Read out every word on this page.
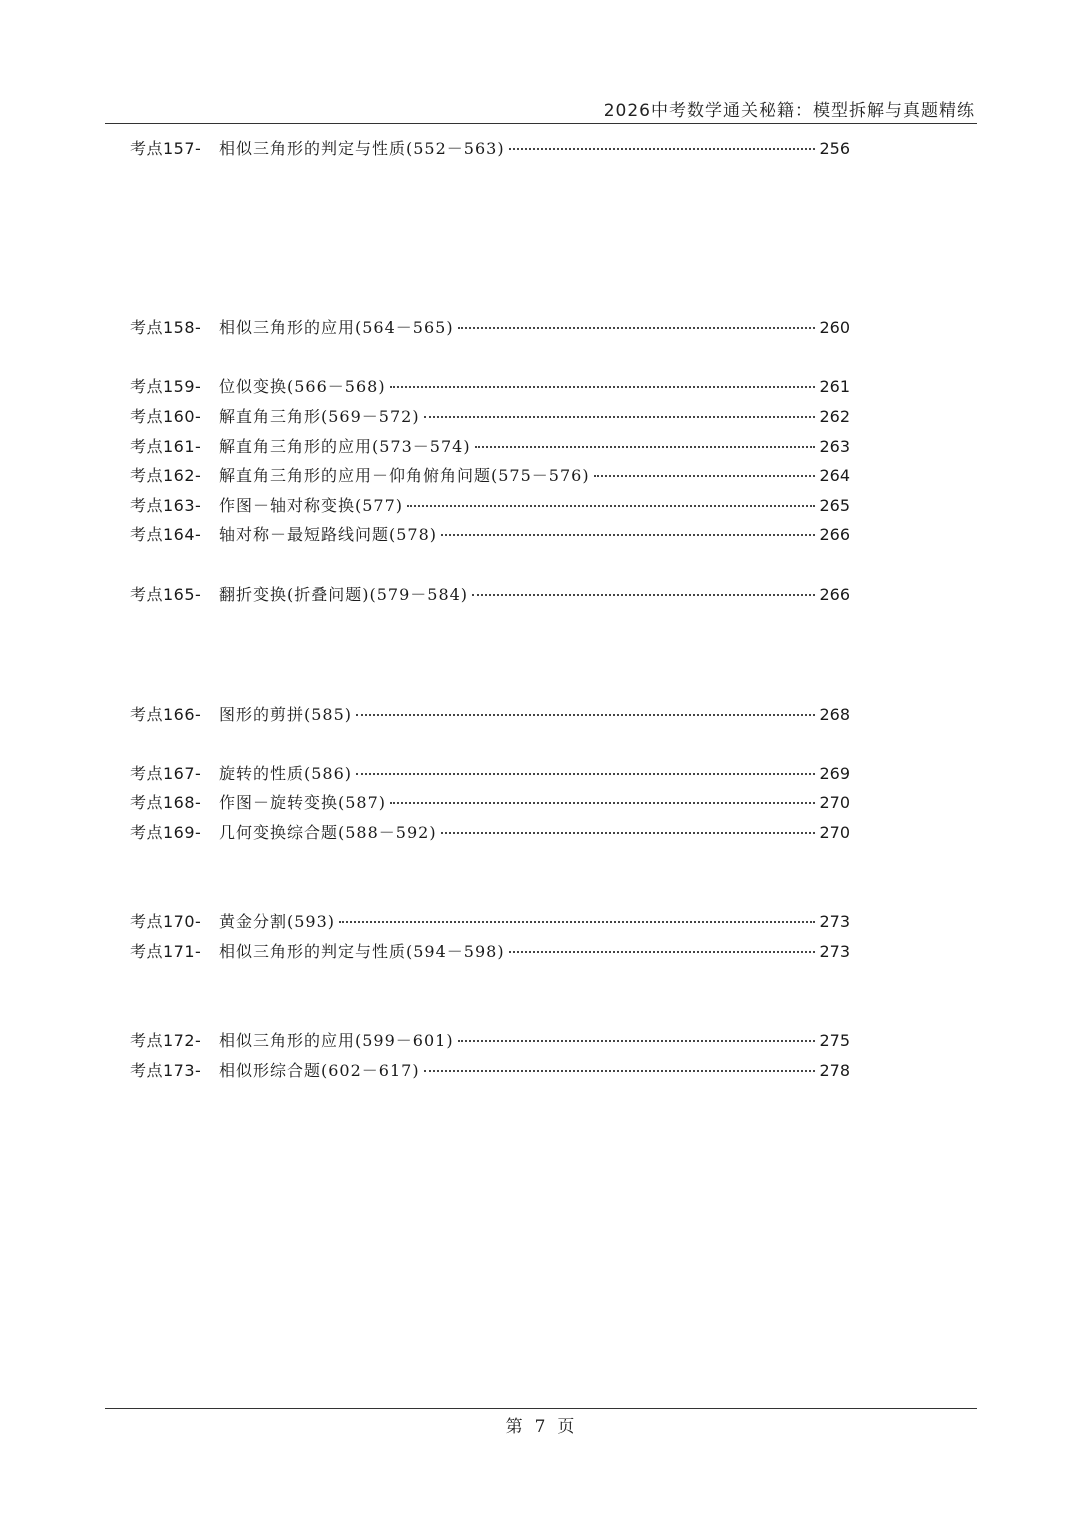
2026中考数学通关秘籍：模型拆解与真题精练
考点157-	相似三角形的判定与性质(552－563)	256
考点158-	相似三角形的应用(564－565)	260
考点159-	位似变换(566－568)	261
考点160-	解直角三角形(569－572)	262
考点161-	解直角三角形的应用(573－574)	263
考点162-	解直角三角形的应用－仰角俯角问题(575－576)	264
考点163-	作图－轴对称变换(577)	265
考点164-	轴对称－最短路线问题(578)	266
考点165-	翻折变换(折叠问题)(579－584)	266
考点166-	图形的剪拼(585)	268
考点167-	旋转的性质(586)	269
考点168-	作图－旋转变换(587)	270
考点169-	几何变换综合题(588－592)	270
考点170-	黄金分割(593)	273
考点171-	相似三角形的判定与性质(594－598)	273
考点172-	相似三角形的应用(599－601)	275
考点173-	相似形综合题(602－617)	278
第 7 页
